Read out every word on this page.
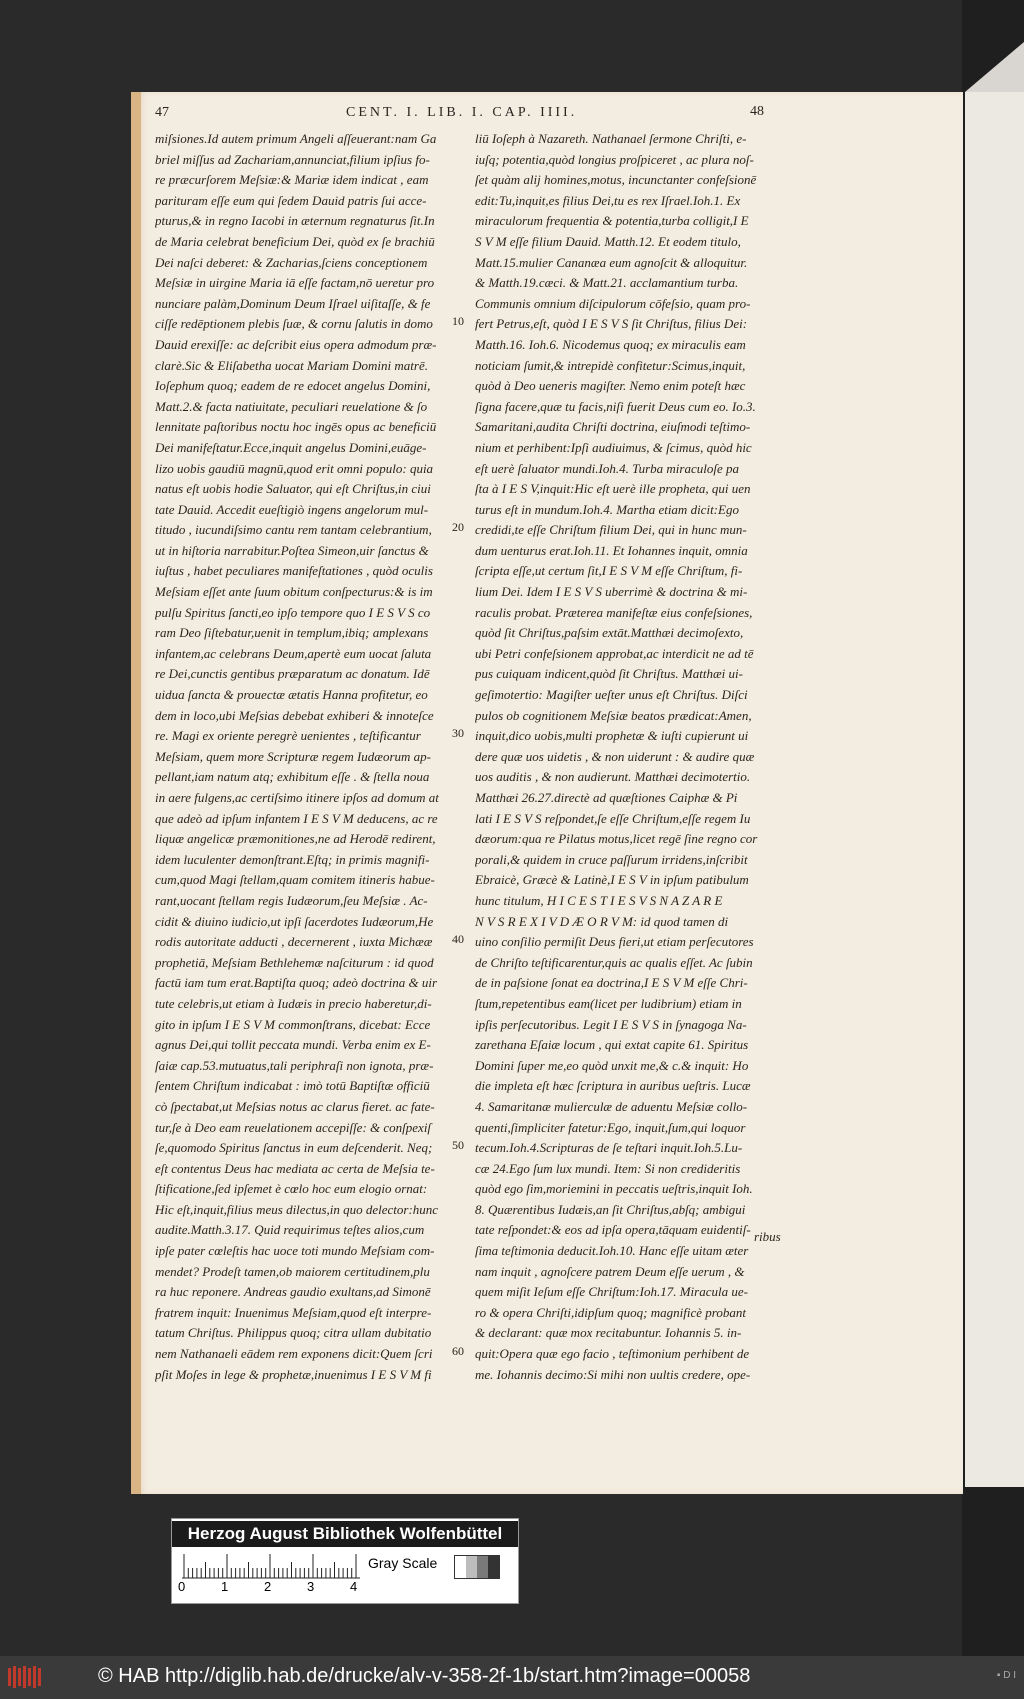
47	CENT. I. LIB. I. CAP. IIII.	48
miſsiones.Id autem primum Angeli aſſeuerant:nam Ga
briel miſſus ad Zachariam,annunciat,filium ipſius fo-
re præcurſorem Meſsiæ:& Mariæ idem indicat , eam
parituram eſſe eum qui ſedem Dauid patris ſui acce-
pturus,& in regno Iacobi in æternum regnaturus ſit.In
de Maria celebrat beneficium Dei, quòd ex ſe brachiū
Dei naſci deberet: & Zacharias,ſciens conceptionem
Meſsiæ in uirgine Maria iā eſſe factam,nō ueretur pro
nunciare palàm,Dominum Deum Iſrael uiſitaſſe, & fe
ciſſe redēptionem plebis ſuæ, & cornu ſalutis in domo
Dauid erexiſſe: ac deſcribit eius opera admodum præ-
clarè.Sic & Eliſabetha uocat Mariam Domini matrē.
Ioſephum quoq; eadem de re edocet angelus Domini,
Matt.2.& facta natiuitate, peculiari reuelatione & ſo
lennitate paſtoribus noctu hoc ingēs opus ac beneficiū
Dei manifeſtatur.Ecce,inquit angelus Domini,euāge-
lizo uobis gaudiū magnū,quod erit omni populo: quia
natus eſt uobis hodie Saluator, qui eſt Chriſtus,in ciui
tate Dauid. Accedit eueſtigiò ingens angelorum mul-
titudo , iucundiſsimo cantu rem tantam celebrantium,
ut in hiſtoria narrabitur.Poſtea Simeon,uir ſanctus &
iuſtus , habet peculiares manifeſtationes , quòd oculis
Meſsiam eſſet ante ſuum obitum conſpecturus:& is im
pulſu Spiritus ſancti,eo ipſo tempore quo I E S V S co
ram Deo ſiſtebatur,uenit in templum,ibiq; amplexans
infantem,ac celebrans Deum,apertè eum uocat ſaluta
re Dei,cunctis gentibus præparatum ac donatum. Idē
uidua ſancta & prouectæ ætatis Hanna profitetur, eo
dem in loco,ubi Meſsias debebat exhiberi & innoteſce
re. Magi ex oriente peregrè uenientes , teſtificantur
Meſsiam, quem more Scripturæ regem Iudæorum ap-
pellant,iam natum atq; exhibitum eſſe . & ſtella noua
in aere fulgens,ac certiſsimo itinere ipſos ad domum at
que adeò ad ipſum infantem I E S V M deducens, ac re
liquæ angelicæ præmonitiones,ne ad Herodē redirent,
idem luculenter demonſtrant.Eſtq; in primis magnifi-
cum,quod Magi ſtellam,quam comitem itineris habue-
rant,uocant ſtellam regis Iudæorum,ſeu Meſsiæ . Ac-
cidit & diuino iudicio,ut ipſi ſacerdotes Iudæorum,He
rodis autoritate adducti , decernerent , iuxta Michææ
prophetiā, Meſsiam Bethlehemæ naſciturum : id quod
factū iam tum erat.Baptiſta quoq; adeò doctrina & uir
tute celebris,ut etiam à Iudæis in precio haberetur,di-
gito in ipſum I E S V M commonſtrans, dicebat: Ecce
agnus Dei,qui tollit peccata mundi. Verba enim ex E-
ſaiæ cap.53.mutuatus,tali periphraſi non ignota, præ-
ſentem Chriſtum indicabat : imò totū Baptiſtæ officiū
cò ſpectabat,ut Meſsias notus ac clarus fieret. ac fate-
tur,ſe à Deo eam reuelationem accepiſſe: & conſpexiſ
ſe,quomodo Spiritus ſanctus in eum deſcenderit. Neq;
eſt contentus Deus hac mediata ac certa de Meſsia te-
ſtificatione,ſed ipſemet è cœlo hoc eum elogio ornat:
Hic eſt,inquit,filius meus dilectus,in quo delector:hunc
audite.Matth.3.17. Quid requirimus teſtes alios,cum
ipſe pater cœleſtis hac uoce toti mundo Meſsiam com-
mendet? Prodeſt tamen,ob maiorem certitudinem,plu
ra huc reponere. Andreas gaudio exultans,ad Simonē
fratrem inquit: Inuenimus Meſsiam,quod eſt interpre-
tatum Chriſtus. Philippus quoq; citra ullam dubitatio
nem Nathanaeli eādem rem exponens dicit:Quem ſcri
pſit Moſes in lege & prophetæ,inuenimus I E S V M fi
10
20
30
40
50
60
liū Ioſeph à Nazareth. Nathanael ſermone Chriſti, e-
iuſq; potentia,quòd longius proſpiceret , ac plura noſ-
ſet quàm alij homines,motus, incunctanter confeſsionē
edit:Tu,inquit,es filius Dei,tu es rex Iſrael.Ioh.1. Ex
miraculorum frequentia & potentia,turba colligit,I E
S V M eſſe filium Dauid. Matth.12. Et eodem titulo,
Matt.15.mulier Cananæa eum agnoſcit & alloquitur.
& Matth.19.cæci. & Matt.21. acclamantium turba.
Communis omnium diſcipulorum cōfeſsio, quam pro-
fert Petrus,eſt, quòd I E S V S ſit Chriſtus, filius Dei:
Matth.16. Ioh.6. Nicodemus quoq; ex miraculis eam
noticiam ſumit,& intrepidè confitetur:Scimus,inquit,
quòd à Deo ueneris magiſter. Nemo enim poteſt hæc
ſigna facere,quæ tu facis,niſi fuerit Deus cum eo. Io.3.
Samaritani,audita Chriſti doctrina, eiuſmodi teſtimo-
nium et perhibent:Ipſi audiuimus, & ſcimus, quòd hic
eſt uerè ſaluator mundi.Ioh.4. Turba miraculoſe pa
ſta à I E S V,inquit:Hic eſt uerè ille propheta, qui uen
turus eſt in mundum.Ioh.4. Martha etiam dicit:Ego
credidi,te eſſe Chriſtum filium Dei, qui in hunc mun-
dum uenturus erat.Ioh.11. Et Iohannes inquit, omnia
ſcripta eſſe,ut certum ſit,I E S V M eſſe Chriſtum, fi-
lium Dei. Idem I E S V S uberrimè & doctrina & mi-
raculis probat. Præterea manifeſtæ eius confeſsiones,
quòd ſit Chriſtus,paſsim extāt.Matthæi decimoſexto,
ubi Petri confeſsionem approbat,ac interdicit ne ad tē
pus cuiquam indicent,quòd ſit Chriſtus. Matthæi ui-
geſimotertio: Magiſter ueſter unus eſt Chriſtus. Diſci
pulos ob cognitionem Meſsiæ beatos prædicat:Amen,
inquit,dico uobis,multi prophetæ & iuſti cupierunt ui
dere quæ uos uidetis , & non uiderunt : & audire quæ
uos auditis , & non audierunt. Matthæi decimotertio.
Matthæi 26.27.directè ad quæſtiones Caiphæ & Pi
lati I E S V S reſpondet,ſe eſſe Chriſtum,eſſe regem Iu
dæorum:qua re Pilatus motus,licet regē ſine regno cor
porali,& quidem in cruce paſſurum irridens,inſcribit
Ebraicè, Græcè & Latinè,I E S V in ipſum patibulum
hunc titulum, H I C E S T I E S V S N A Z A R E
N V S R E X I V D Æ O R V M: id quod tamen di
uino conſilio permiſit Deus fieri,ut etiam perſecutores
de Chriſto teſtificarentur,quis ac qualis eſſet. Ac ſubin
de in paſsione ſonat ea doctrina,I E S V M eſſe Chri-
ſtum,repetentibus eam(licet per ludibrium) etiam in
ipſis perſecutoribus. Legit I E S V S in ſynagoga Na-
zarethana Eſaiæ locum , qui extat capite 61. Spiritus
Domini ſuper me,eo quòd unxit me,& c.& inquit: Ho
die impleta eſt hæc ſcriptura in auribus ueſtris. Lucæ
4. Samaritanæ mulierculæ de aduentu Meſsiæ collo-
quenti,ſimpliciter fatetur:Ego, inquit,ſum,qui loquor
tecum.Ioh.4.Scripturas de ſe teſtari inquit.Ioh.5.Lu-
cæ 24.Ego ſum lux mundi. Item: Si non credideritis
quòd ego ſim,moriemini in peccatis ueſtris,inquit Ioh.
8. Quærentibus Iudæis,an ſit Chriſtus,abſq; ambigui
tate reſpondet:& eos ad ipſa opera,tāquam euidentiſ-
ſima teſtimonia deducit.Ioh.10. Hanc eſſe uitam æter
nam inquit , agnoſcere patrem Deum eſſe uerum , &
quem miſit Ieſum eſſe Chriſtum:Ioh.17. Miracula ue-
ro & opera Chriſti,idipſum quoq; magnificè probant
& declarant: quæ mox recitabuntur. Iohannis 5. in-
quit:Opera quæ ego facio , teſtimonium perhibent de
me. Iohannis decimo:Si mihi non uultis credere, ope-
ribus
Herzog August Bibliothek Wolfenbüttel
0	1	2	3	4
Gray Scale
© HAB http://diglib.hab.de/drucke/alv-v-358-2f-1b/start.htm?image=00058	▪ D I
